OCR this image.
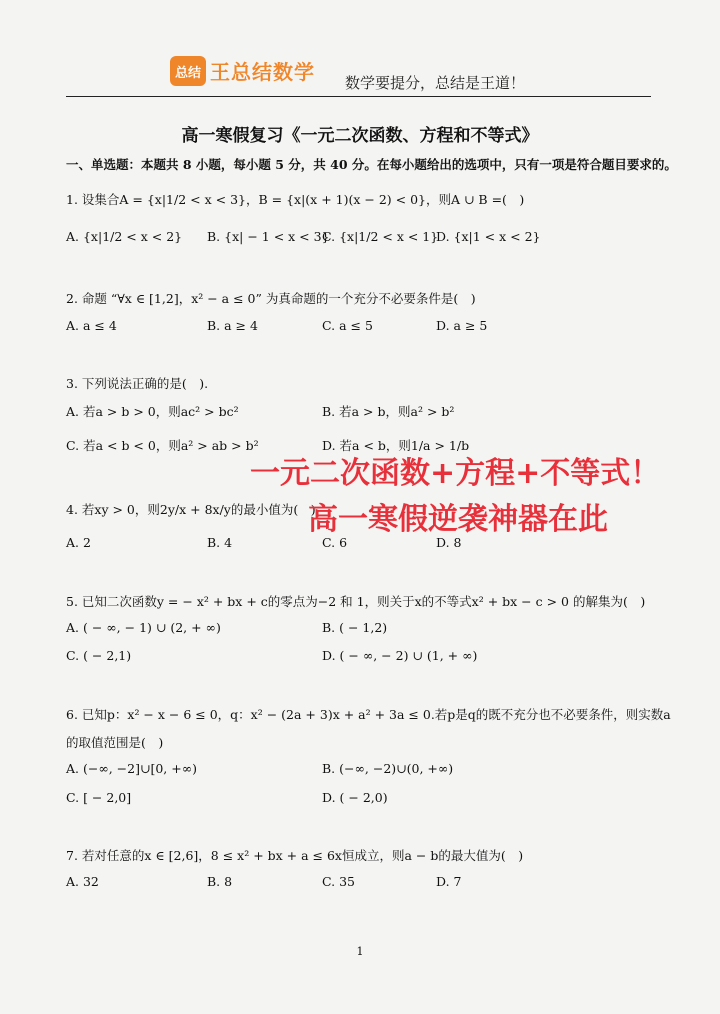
总结 王总结数学 数学要提分，总结是王道！
高一寒假复习《一元二次函数、方程和不等式》
一、单选题：本题共 8 小题，每小题 5 分，共 40 分。在每小题给出的选项中，只有一项是符合题目要求的。
1. 设集合A = {x|1/2 < x < 3}，B = {x|(x + 1)(x − 2) < 0}，则A ∪ B =(　)
A. {x|1/2 < x < 2} B. {x| − 1 < x < 3}
C. {x|1/2 < x < 1}
D. {x|1 < x < 2}
2. 命题 “∀x ∈ [1,2]，x² − a ≤ 0” 为真命题的一个充分不必要条件是(　)
A. a ≤ 4	B. a ≥ 4	C. a ≤ 5	D. a ≥ 5
3. 下列说法正确的是(　).
A. 若a > b > 0，则ac² > bc²	B. 若a > b，则a² > b²
C. 若a < b < 0，则a² > ab > b²	D. 若a < b，则1/a > 1/b
4. 若xy > 0，则2y/x + 8x/y的最小值为(　)
A. 2	B. 4	C. 6	D. 8
5. 已知二次函数y = − x² + bx + c的零点为−2 和 1，则关于x的不等式x² + bx − c > 0 的解集为(　)
A. ( − ∞, − 1) ∪ (2, + ∞)	B. ( − 1,2)
C. ( − 2,1)	D. ( − ∞, − 2) ∪ (1, + ∞)
6. 已知p：x² − x − 6 ≤ 0，q：x² − (2a + 3)x + a² + 3a ≤ 0.若p是q的既不充分也不必要条件，则实数a
的取值范围是(　)
A. (−∞, −2]∪[0, +∞)	B. (−∞, −2)∪(0, +∞)
C. [ − 2,0]	D. ( − 2,0)
7. 若对任意的x ∈ [2,6]，8 ≤ x² + bx + a ≤ 6x恒成立，则a − b的最大值为(　)
A. 32	B. 8	C. 35	D. 7
一元二次函数+方程+不等式！
高一寒假逆袭神器在此
1
